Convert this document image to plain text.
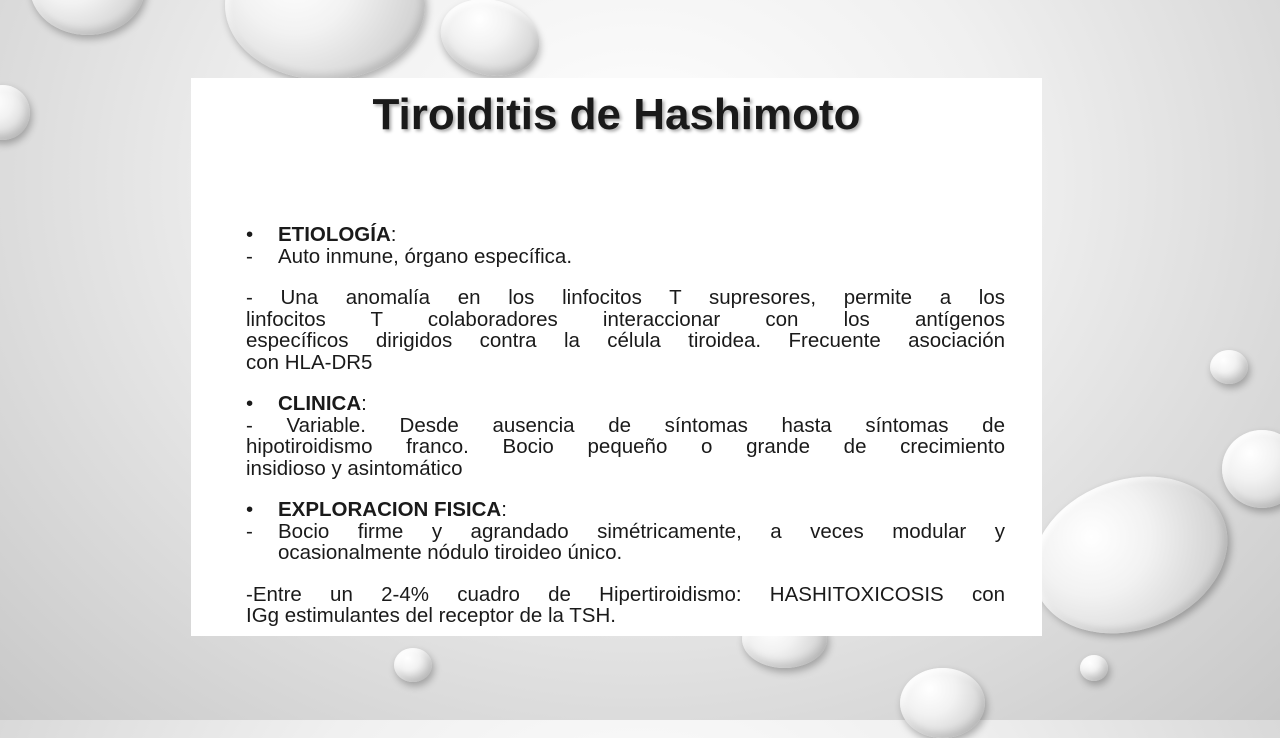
Tiroiditis de Hashimoto
•	ETIOLOGÍA:
-	Auto inmune, órgano específica.
- Una anomalía en los linfocitos T supresores, permite a los
linfocitos T colaboradores interaccionar con los antígenos
específicos dirigidos contra la célula tiroidea. Frecuente asociación
con HLA-DR5
•	CLINICA:
- Variable. Desde ausencia de síntomas hasta síntomas de
hipotiroidismo franco. Bocio pequeño o grande de crecimiento
insidioso y asintomático
•	EXPLORACION FISICA:
-	Bocio firme y agrandado simétricamente, a veces modular y
ocasionalmente nódulo tiroideo único.
-Entre un 2-4% cuadro de Hipertiroidismo: HASHITOXICOSIS con
IGg estimulantes del receptor de la TSH.
